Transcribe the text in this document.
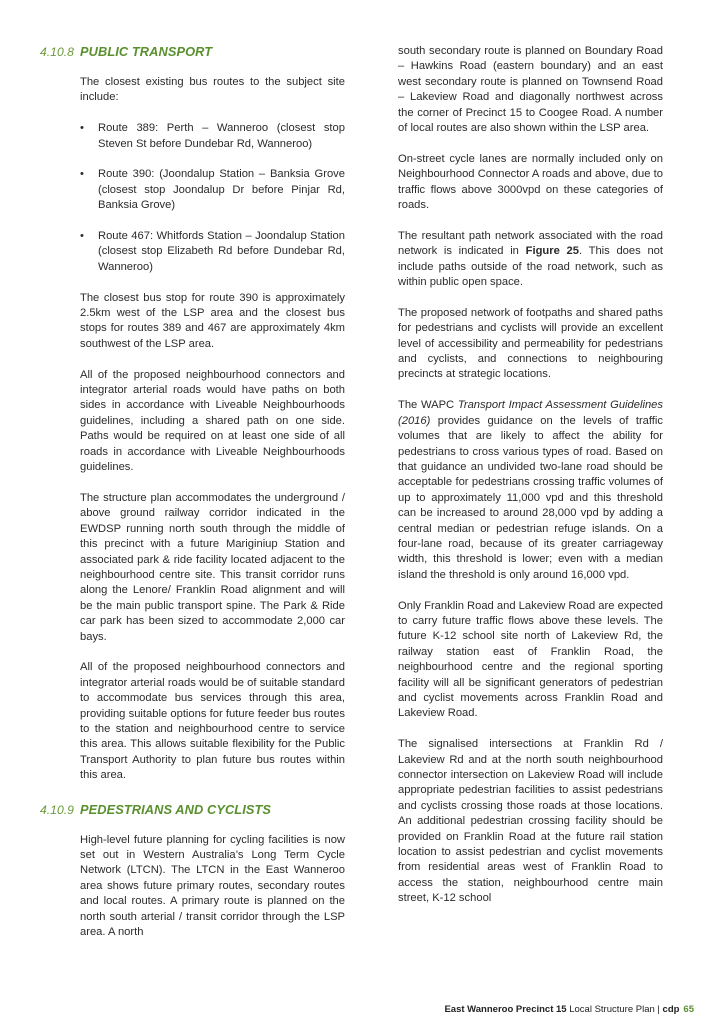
4.10.8 PUBLIC TRANSPORT

The closest existing bus routes to the subject site include:

• Route 389: Perth – Wanneroo (closest stop Steven St before Dundebar Rd, Wanneroo)
• Route 390: (Joondalup Station – Banksia Grove (closest stop Joondalup Dr before Pinjar Rd, Banksia Grove)
• Route 467: Whitfords Station – Joondalup Station (closest stop Elizabeth Rd before Dundebar Rd, Wanneroo)

The closest bus stop for route 390 is approximately 2.5km west of the LSP area and the closest bus stops for routes 389 and 467 are approximately 4km southwest of the LSP area.

All of the proposed neighbourhood connectors and integrator arterial roads would have paths on both sides in accordance with Liveable Neighbourhoods guidelines, including a shared path on one side. Paths would be required on at least one side of all roads in accordance with Liveable Neighbourhoods guidelines.

The structure plan accommodates the underground / above ground railway corridor indicated in the EWDSP running north south through the middle of this precinct with a future Mariginiup Station and associated park & ride facility located adjacent to the neighbourhood centre site. This transit corridor runs along the Lenore/ Franklin Road alignment and will be the main public transport spine. The Park & Ride car park has been sized to accommodate 2,000 car bays.

All of the proposed neighbourhood connectors and integrator arterial roads would be of suitable standard to accommodate bus services through this area, providing suitable options for future feeder bus routes to the station and neighbourhood centre to service this area. This allows suitable flexibility for the Public Transport Authority to plan future bus routes within this area.

4.10.9 PEDESTRIANS AND CYCLISTS

High-level future planning for cycling facilities is now set out in Western Australia’s Long Term Cycle Network (LTCN). The LTCN in the East Wanneroo area shows future primary routes, secondary routes and local routes. A primary route is planned on the north south arterial / transit corridor through the LSP area. A north

south secondary route is planned on Boundary Road – Hawkins Road (eastern boundary) and an east west secondary route is planned on Townsend Road – Lakeview Road and diagonally northwest across the corner of Precinct 15 to Coogee Road. A number of local routes are also shown within the LSP area.

On-street cycle lanes are normally included only on Neighbourhood Connector A roads and above, due to traffic flows above 3000vpd on these categories of roads.

The resultant path network associated with the road network is indicated in Figure 25. This does not include paths outside of the road network, such as within public open space.

The proposed network of footpaths and shared paths for pedestrians and cyclists will provide an excellent level of accessibility and permeability for pedestrians and cyclists, and connections to neighbouring precincts at strategic locations.

The WAPC Transport Impact Assessment Guidelines (2016) provides guidance on the levels of traffic volumes that are likely to affect the ability for pedestrians to cross various types of road. Based on that guidance an undivided two-lane road should be acceptable for pedestrians crossing traffic volumes of up to approximately 11,000 vpd and this threshold can be increased to around 28,000 vpd by adding a central median or pedestrian refuge islands. On a four-lane road, because of its greater carriageway width, this threshold is lower; even with a median island the threshold is only around 16,000 vpd.

Only Franklin Road and Lakeview Road are expected to carry future traffic flows above these levels. The future K-12 school site north of Lakeview Rd, the railway station east of Franklin Road, the neighbourhood centre and the regional sporting facility will all be significant generators of pedestrian and cyclist movements across Franklin Road and Lakeview Road.

The signalised intersections at Franklin Rd / Lakeview Rd and at the north south neighbourhood connector intersection on Lakeview Road will include appropriate pedestrian facilities to assist pedestrians and cyclists crossing those roads at those locations. An additional pedestrian crossing facility should be provided on Franklin Road at the future rail station location to assist pedestrian and cyclist movements from residential areas west of Franklin Road to access the station, neighbourhood centre main street, K-12 school

East Wanneroo Precinct 15 Local Structure Plan | cdp 65
